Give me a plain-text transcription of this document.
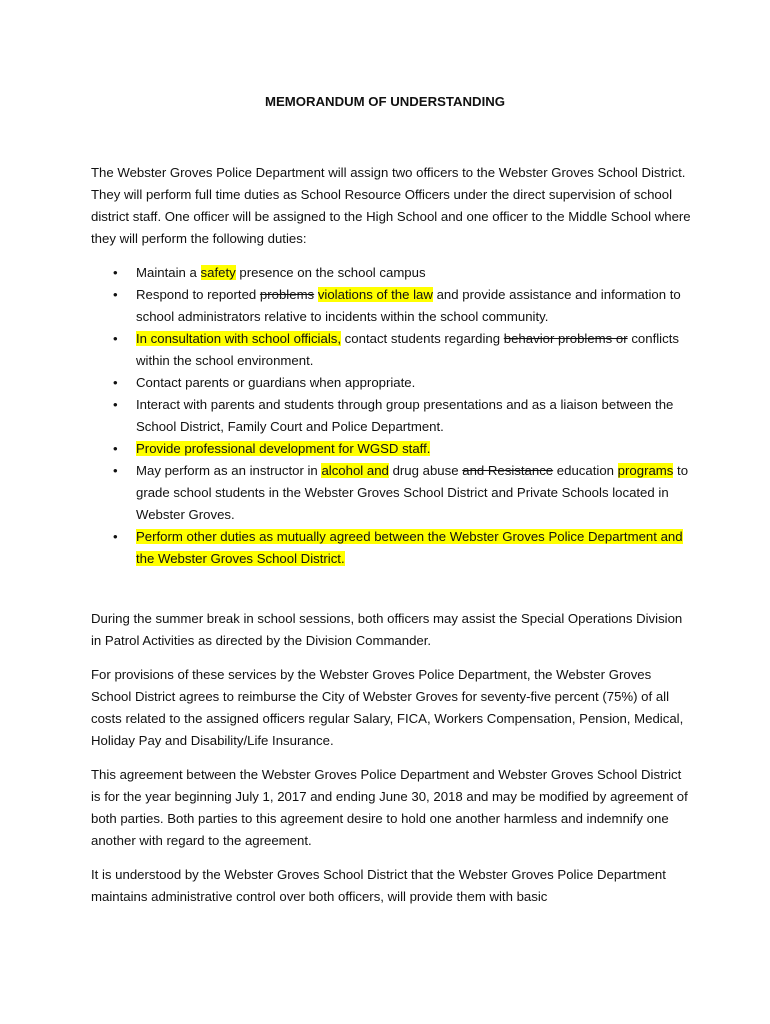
MEMORANDUM OF UNDERSTANDING

The Webster Groves Police Department will assign two officers to the Webster Groves School District. They will perform full time duties as School Resource Officers under the direct supervision of school district staff. One officer will be assigned to the High School and one officer to the Middle School where they will perform the following duties:

• Maintain a safety presence on the school campus
• Respond to reported problems violations of the law and provide assistance and information to school administrators relative to incidents within the school community.
• In consultation with school officials, contact students regarding behavior problems or conflicts within the school environment.
• Contact parents or guardians when appropriate.
• Interact with parents and students through group presentations and as a liaison between the School District, Family Court and Police Department.
• Provide professional development for WGSD staff.
• May perform as an instructor in alcohol and drug abuse and Resistance education programs to grade school students in the Webster Groves School District and Private Schools located in Webster Groves.
• Perform other duties as mutually agreed between the Webster Groves Police Department and the Webster Groves School District.

During the summer break in school sessions, both officers may assist the Special Operations Division in Patrol Activities as directed by the Division Commander.

For provisions of these services by the Webster Groves Police Department, the Webster Groves School District agrees to reimburse the City of Webster Groves for seventy-five percent (75%) of all costs related to the assigned officers regular Salary, FICA, Workers Compensation, Pension, Medical, Holiday Pay and Disability/Life Insurance.

This agreement between the Webster Groves Police Department and Webster Groves School District is for the year beginning July 1, 2017 and ending June 30, 2018 and may be modified by agreement of both parties. Both parties to this agreement desire to hold one another harmless and indemnify one another with regard to the agreement.

It is understood by the Webster Groves School District that the Webster Groves Police Department maintains administrative control over both officers, will provide them with basic
